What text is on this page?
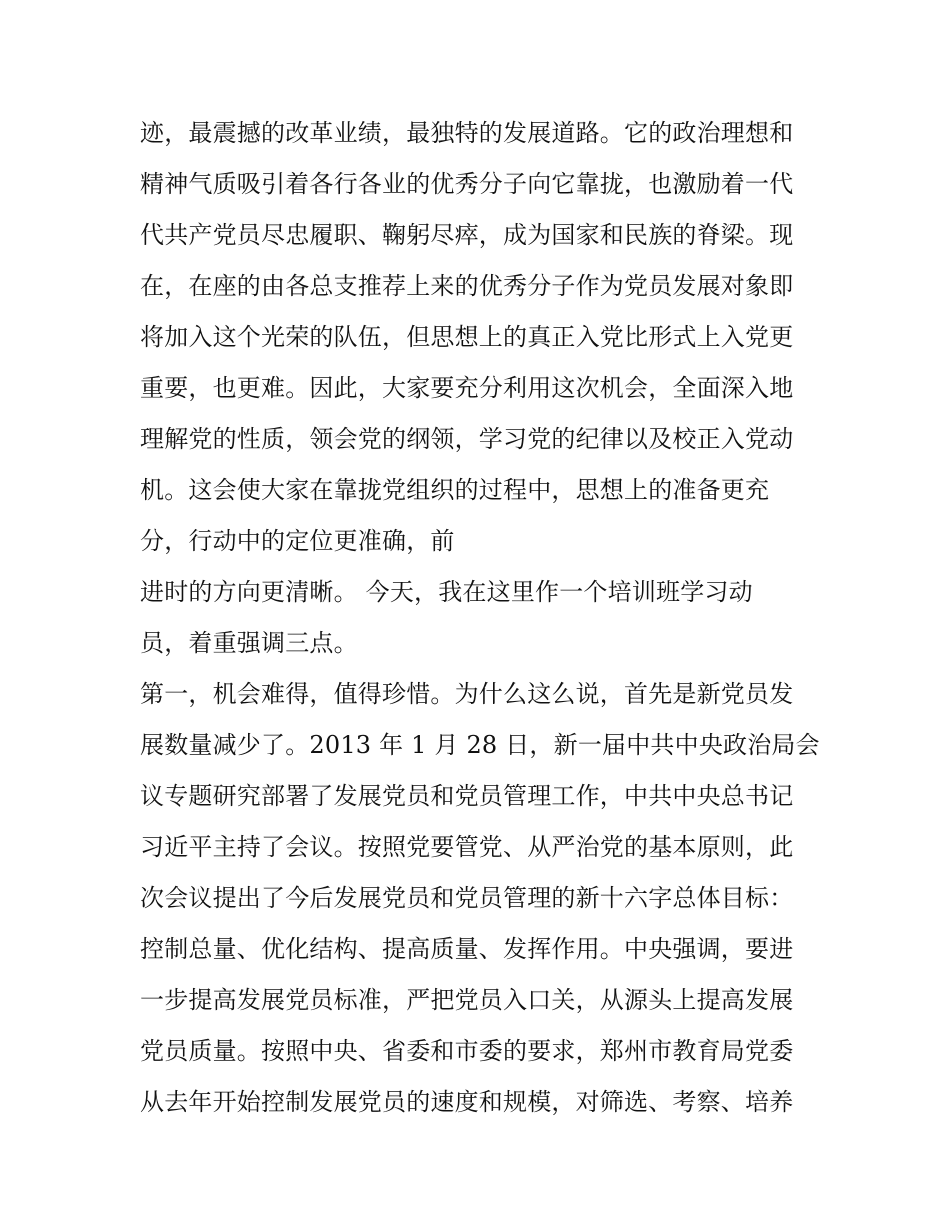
迹，最震撼的改革业绩，最独特的发展道路。它的政治理想和
精神气质吸引着各行各业的优秀分子向它靠拢，也激励着一代
代共产党员尽忠履职、鞠躬尽瘁，成为国家和民族的脊梁。现
在，在座的由各总支推荐上来的优秀分子作为党员发展对象即
将加入这个光荣的队伍，但思想上的真正入党比形式上入党更
重要，也更难。因此，大家要充分利用这次机会，全面深入地
理解党的性质，领会党的纲领，学习党的纪律以及校正入党动
机。这会使大家在靠拢党组织的过程中，思想上的准备更充
分，行动中的定位更准确，前
进时的方向更清晰。 今天，我在这里作一个培训班学习动
员，着重强调三点。
第一，机会难得，值得珍惜。为什么这么说，首先是新党员发
展数量减少了。2013 年 1 月 28 日，新一届中共中央政治局会
议专题研究部署了发展党员和党员管理工作，中共中央总书记
习近平主持了会议。按照党要管党、从严治党的基本原则，此
次会议提出了今后发展党员和党员管理的新十六字总体目标：
控制总量、优化结构、提高质量、发挥作用。中央强调，要进
一步提高发展党员标准，严把党员入口关，从源头上提高发展
党员质量。按照中央、省委和市委的要求，郑州市教育局党委
从去年开始控制发展党员的速度和规模，对筛选、考察、培养
